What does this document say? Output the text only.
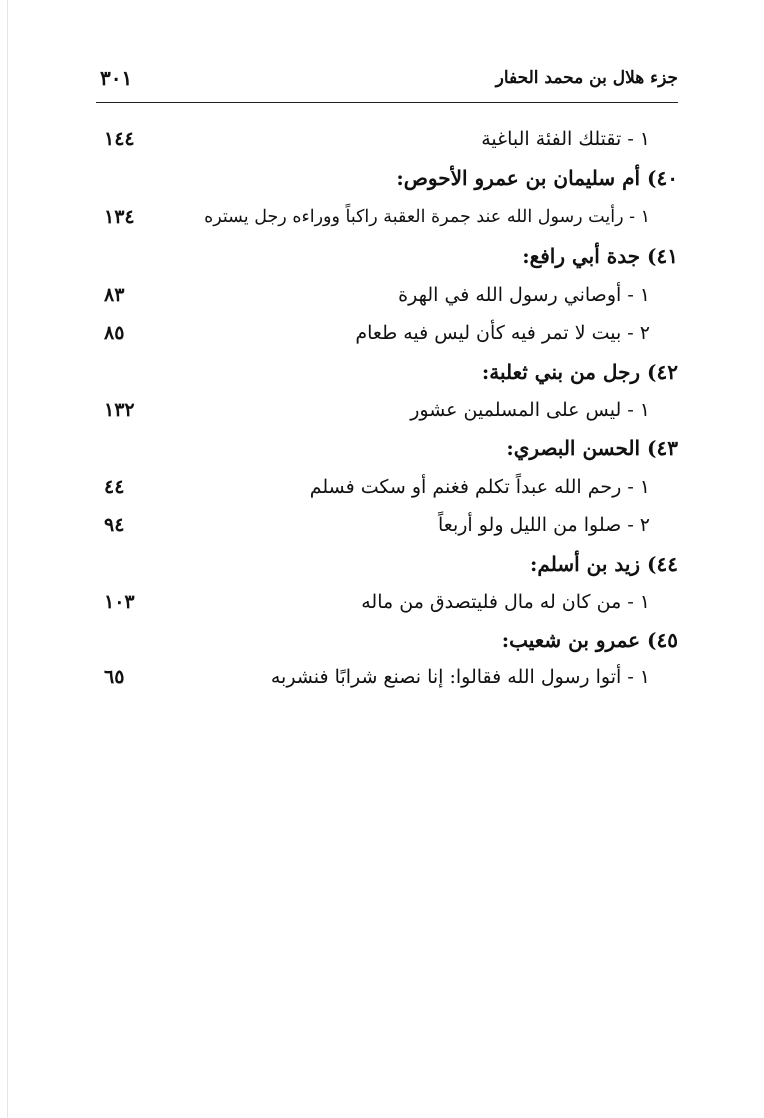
جزء هلال بن محمد الحفار
٣٠١
١ - تقتلك الفئة الباغية
١٤٤
٤٠) أم سليمان بن عمرو الأحوص:
١ - رأيت رسول الله عند جمرة العقبة راكباً ووراءه رجل يستره
١٣٤
٤١) جدة أبي رافع:
١ - أوصاني رسول الله في الهرة
٨٣
٢ - بيت لا تمر فيه كأن ليس فيه طعام
٨٥
٤٢) رجل من بني ثعلبة:
١ - ليس على المسلمين عشور
١٣٢
٤٣) الحسن البصري:
١ - رحم الله عبداً تكلم فغنم أو سكت فسلم
٤٤
٢ - صلوا من الليل ولو أربعاً
٩٤
٤٤) زيد بن أسلم:
١ - من كان له مال فليتصدق من ماله
١٠٣
٤٥) عمرو بن شعيب:
١ - أتوا رسول الله فقالوا: إنا نصنع شرابًا فنشربه
٦٥
